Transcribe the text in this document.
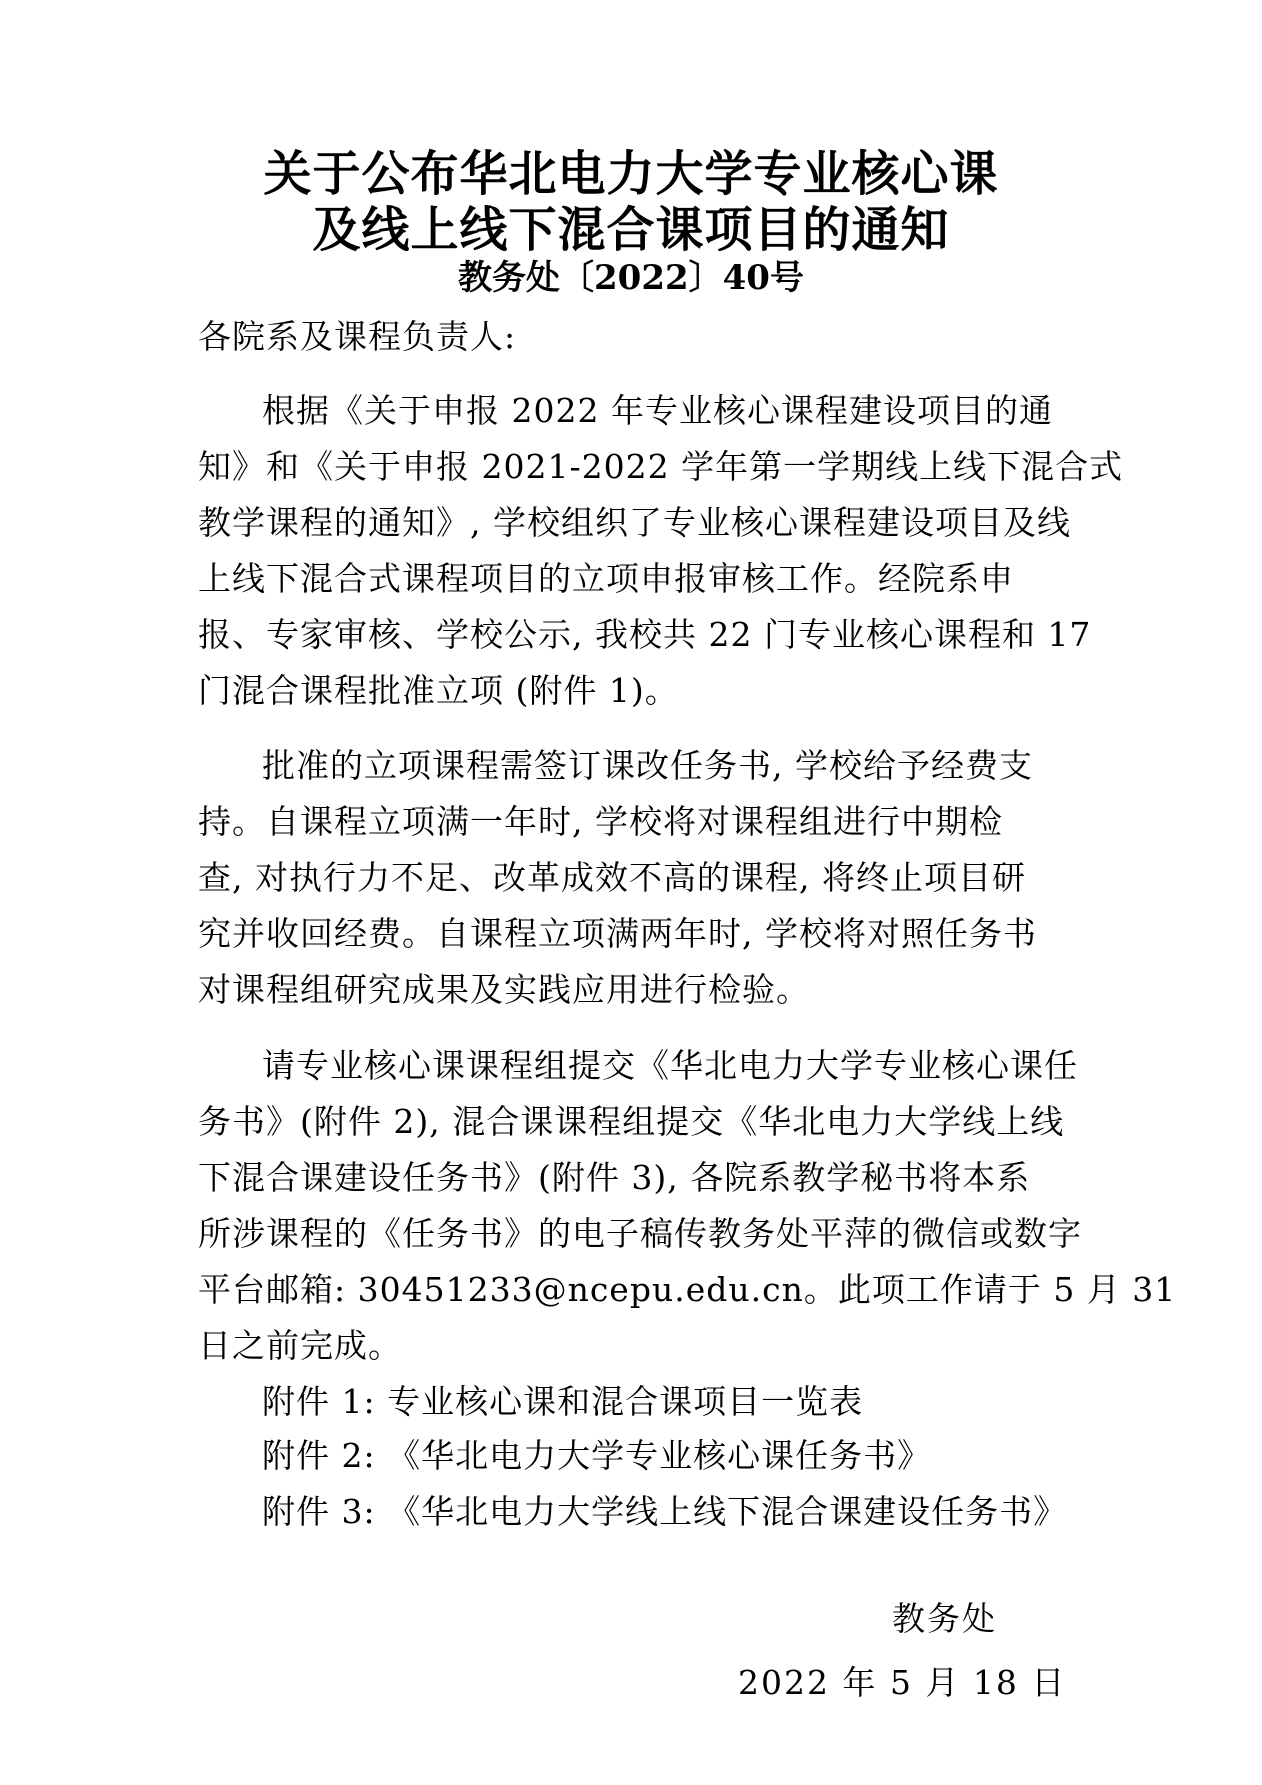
关于公布华北电力大学专业核心课
及线上线下混合课项目的通知
教务处〔2022〕40号
各院系及课程负责人:
根据《关于申报 2022 年专业核心课程建设项目的通
知》和《关于申报 2021-2022 学年第一学期线上线下混合式
教学课程的通知》, 学校组织了专业核心课程建设项目及线
上线下混合式课程项目的立项申报审核工作。经院系申
报、专家审核、学校公示, 我校共 22 门专业核心课程和 17
门混合课程批准立项 (附件 1)。
批准的立项课程需签订课改任务书, 学校给予经费支
持。自课程立项满一年时, 学校将对课程组进行中期检
查, 对执行力不足、改革成效不高的课程, 将终止项目研
究并收回经费。自课程立项满两年时, 学校将对照任务书
对课程组研究成果及实践应用进行检验。
请专业核心课课程组提交《华北电力大学专业核心课任
务书》(附件 2), 混合课课程组提交《华北电力大学线上线
下混合课建设任务书》(附件 3), 各院系教学秘书将本系
所涉课程的《任务书》的电子稿传教务处平萍的微信或数字
平台邮箱: 30451233@ncepu.edu.cn。此项工作请于 5 月 31
日之前完成。
附件 1: 专业核心课和混合课项目一览表
附件 2: 《华北电力大学专业核心课任务书》
附件 3: 《华北电力大学线上线下混合课建设任务书》
教务处
2022 年 5 月 18 日
